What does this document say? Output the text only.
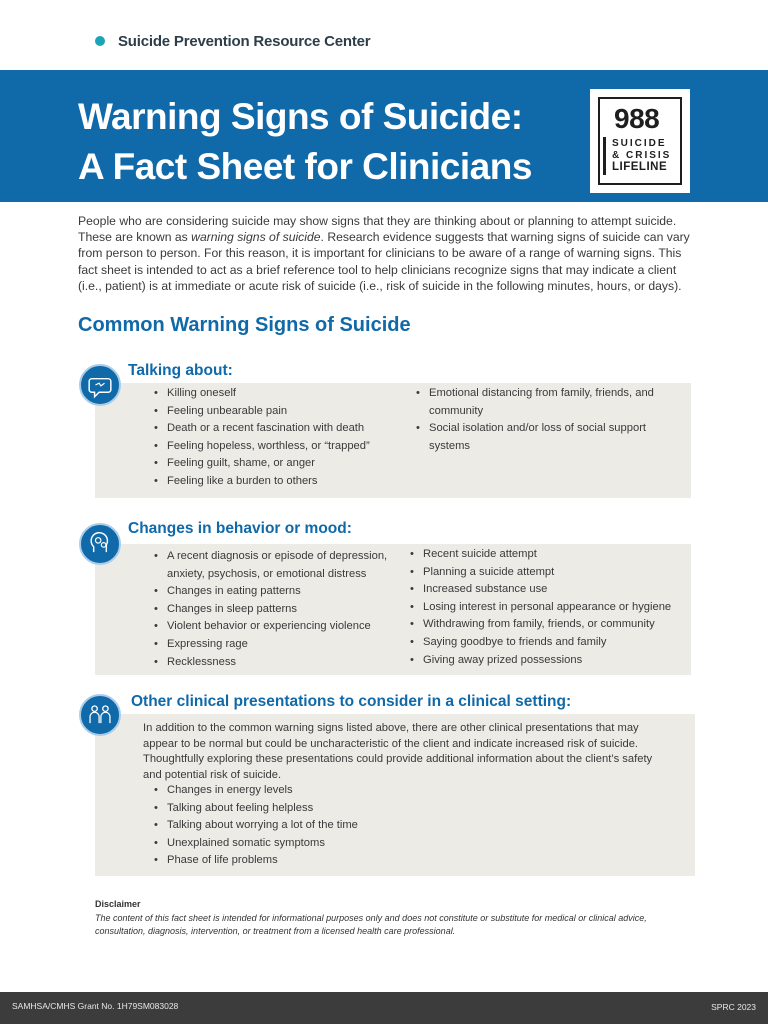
Suicide Prevention Resource Center
Warning Signs of Suicide:
A Fact Sheet for Clinicians
988
SUICIDE
& CRISIS
LIFELINE

People who are considering suicide may show signs that they are thinking about or planning to attempt suicide. These are known as warning signs of suicide. Research evidence suggests that warning signs of suicide can vary from person to person. For this reason, it is important for clinicians to be aware of a range of warning signs. This fact sheet is intended to act as a brief reference tool to help clinicians recognize signs that may indicate a client (i.e., patient) is at immediate or acute risk of suicide (i.e., risk of suicide in the following minutes, hours, or days).

Common Warning Signs of Suicide
Talking about:
• Killing oneself
• Feeling unbearable pain
• Death or a recent fascination with death
• Feeling hopeless, worthless, or “trapped”
• Feeling guilt, shame, or anger
• Feeling like a burden to others
• Emotional distancing from family, friends, and community
• Social isolation and/or loss of social support systems
Changes in behavior or mood:
• A recent diagnosis or episode of depression, anxiety, psychosis, or emotional distress
• Changes in eating patterns
• Changes in sleep patterns
• Violent behavior or experiencing violence
• Expressing rage
• Recklessness
• Recent suicide attempt
• Planning a suicide attempt
• Increased substance use
• Losing interest in personal appearance or hygiene
• Withdrawing from family, friends, or community
• Saying goodbye to friends and family
• Giving away prized possessions
Other clinical presentations to consider in a clinical setting:

In addition to the common warning signs listed above, there are other clinical presentations that may appear to be normal but could be uncharacteristic of the client and indicate increased risk of suicide. Thoughtfully exploring these presentations could provide additional information about the client’s safety and potential risk of suicide.

• Changes in energy levels
• Talking about feeling helpless
• Talking about worrying a lot of the time
• Unexplained somatic symptoms
• Phase of life problems

Disclaimer

The content of this fact sheet is intended for informational purposes only and does not constitute or substitute for medical or clinical advice, consultation, diagnosis, intervention, or treatment from a licensed health care professional.

SAMHSA/CMHS Grant No. 1H79SM083028	SPRC 2023
